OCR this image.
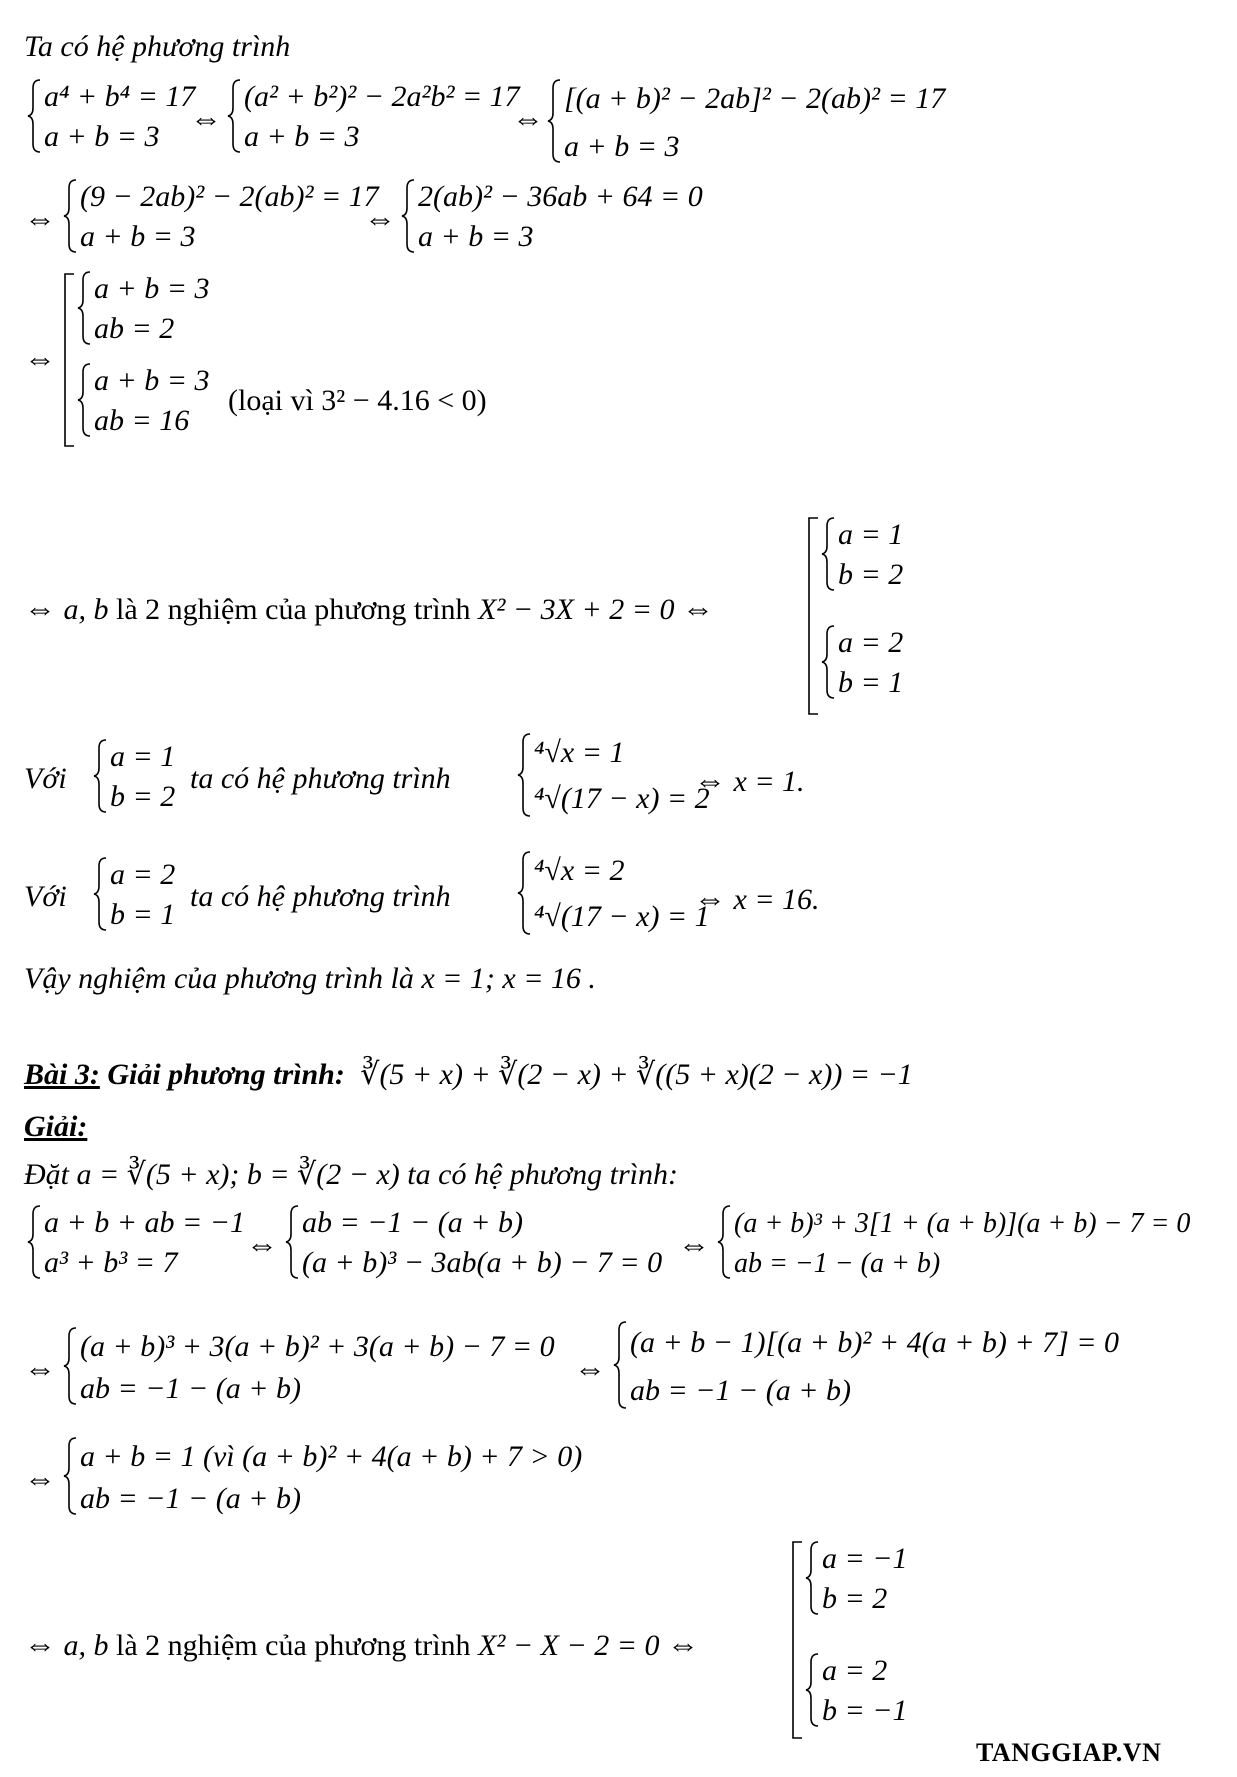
Ta có hệ phương trình
a⁴ + b⁴ = 17
a + b = 3
⇔
(a² + b²)² − 2a²b² = 17
a + b = 3
⇔
[(a + b)² − 2ab]² − 2(ab)² = 17
a + b = 3
⇔
(9 − 2ab)² − 2(ab)² = 17
a + b = 3
⇔
2(ab)² − 36ab + 64 = 0
a + b = 3
⇔
a + b = 3
ab = 2
a + b = 3
ab = 16
(loại vì 3² − 4.16 < 0)
⇔ a, b là 2 nghiệm của phương trình X² − 3X + 2 = 0 ⇔
a = 1
b = 2
a = 2
b = 1
Với
a = 1
b = 2
ta có hệ phương trình
⁴√x = 1
⁴√(17 − x) = 2
⇔ x = 1.
Với
a = 2
b = 1
ta có hệ phương trình
⁴√x = 2
⁴√(17 − x) = 1
⇔ x = 16.
Vậy nghiệm của phương trình là x = 1; x = 16 .
Bài 3: Giải phương trình: ∛(5 + x) + ∛(2 − x) + ∛((5 + x)(2 − x)) = −1
Giải:
Đặt a = ∛(5 + x); b = ∛(2 − x) ta có hệ phương trình:
a + b + ab = −1
a³ + b³ = 7
⇔
ab = −1 − (a + b)
(a + b)³ − 3ab(a + b) − 7 = 0
⇔
(a + b)³ + 3[1 + (a + b)](a + b) − 7 = 0
ab = −1 − (a + b)
⇔
(a + b)³ + 3(a + b)² + 3(a + b) − 7 = 0
ab = −1 − (a + b)
⇔
(a + b − 1)[(a + b)² + 4(a + b) + 7] = 0
ab = −1 − (a + b)
⇔
a + b = 1 (vì (a + b)² + 4(a + b) + 7 > 0)
ab = −1 − (a + b)
⇔ a, b là 2 nghiệm của phương trình X² − X − 2 = 0 ⇔
a = −1
b = 2
a = 2
b = −1
TANGGIAP.VN
